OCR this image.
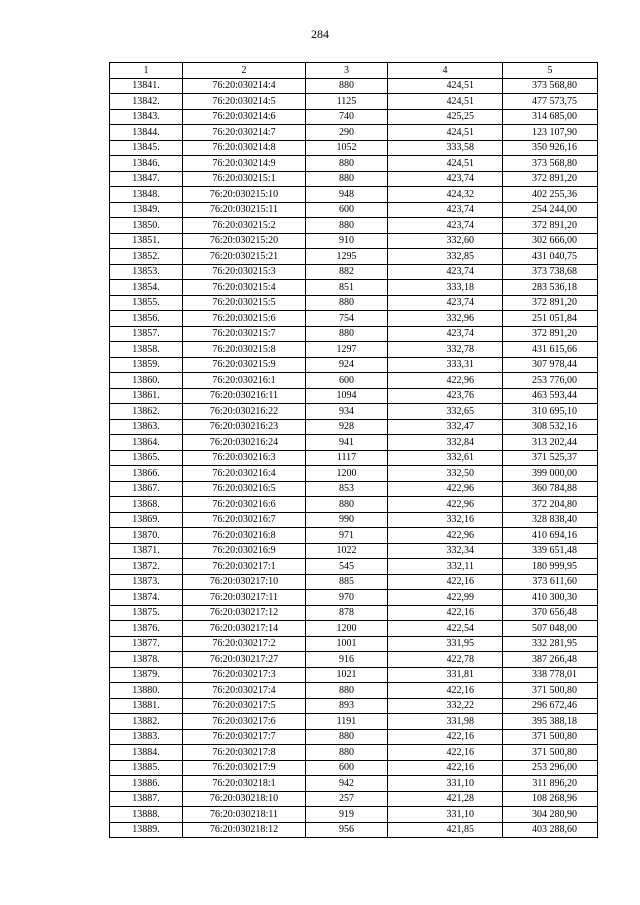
284
1	2	3	4	5
13841.	76:20:030214:4	880	424,51	373 568,80
13842.	76:20:030214:5	1125	424,51	477 573,75
13843.	76:20:030214:6	740	425,25	314 685,00
13844.	76:20:030214:7	290	424,51	123 107,90
13845.	76:20:030214:8	1052	333,58	350 926,16
13846.	76:20:030214:9	880	424,51	373 568,80
13847.	76:20:030215:1	880	423,74	372 891,20
13848.	76:20:030215:10	948	424,32	402 255,36
13849.	76:20:030215:11	600	423,74	254 244,00
13850.	76:20:030215:2	880	423,74	372 891,20
13851.	76:20:030215:20	910	332,60	302 666,00
13852.	76:20:030215:21	1295	332,85	431 040,75
13853.	76:20:030215:3	882	423,74	373 738,68
13854.	76:20:030215:4	851	333,18	283 536,18
13855.	76:20:030215:5	880	423,74	372 891,20
13856.	76:20:030215:6	754	332,96	251 051,84
13857.	76:20:030215:7	880	423,74	372 891,20
13858.	76:20:030215:8	1297	332,78	431 615,66
13859.	76:20:030215:9	924	333,31	307 978,44
13860.	76:20:030216:1	600	422,96	253 776,00
13861.	76:20:030216:11	1094	423,76	463 593,44
13862.	76:20:030216:22	934	332,65	310 695,10
13863.	76:20:030216:23	928	332,47	308 532,16
13864.	76:20:030216:24	941	332,84	313 202,44
13865.	76:20:030216:3	1117	332,61	371 525,37
13866.	76:20:030216:4	1200	332,50	399 000,00
13867.	76:20:030216:5	853	422,96	360 784,88
13868.	76:20:030216:6	880	422,96	372 204,80
13869.	76:20:030216:7	990	332,16	328 838,40
13870.	76:20:030216:8	971	422,96	410 694,16
13871.	76:20:030216:9	1022	332,34	339 651,48
13872.	76:20:030217:1	545	332,11	180 999,95
13873.	76:20:030217:10	885	422,16	373 611,60
13874.	76:20:030217:11	970	422,99	410 300,30
13875.	76:20:030217:12	878	422,16	370 656,48
13876.	76:20:030217:14	1200	422,54	507 048,00
13877.	76:20:030217:2	1001	331,95	332 281,95
13878.	76:20:030217:27	916	422,78	387 266,48
13879.	76:20:030217:3	1021	331,81	338 778,01
13880.	76:20:030217:4	880	422,16	371 500,80
13881.	76:20:030217:5	893	332,22	296 672,46
13882.	76:20:030217:6	1191	331,98	395 388,18
13883.	76:20:030217:7	880	422,16	371 500,80
13884.	76:20:030217:8	880	422,16	371 500,80
13885.	76:20:030217:9	600	422,16	253 296,00
13886.	76:20:030218:1	942	331,10	311 896,20
13887.	76:20:030218:10	257	421,28	108 268,96
13888.	76:20:030218:11	919	331,10	304 280,90
13889.	76:20:030218:12	956	421,85	403 288,60
